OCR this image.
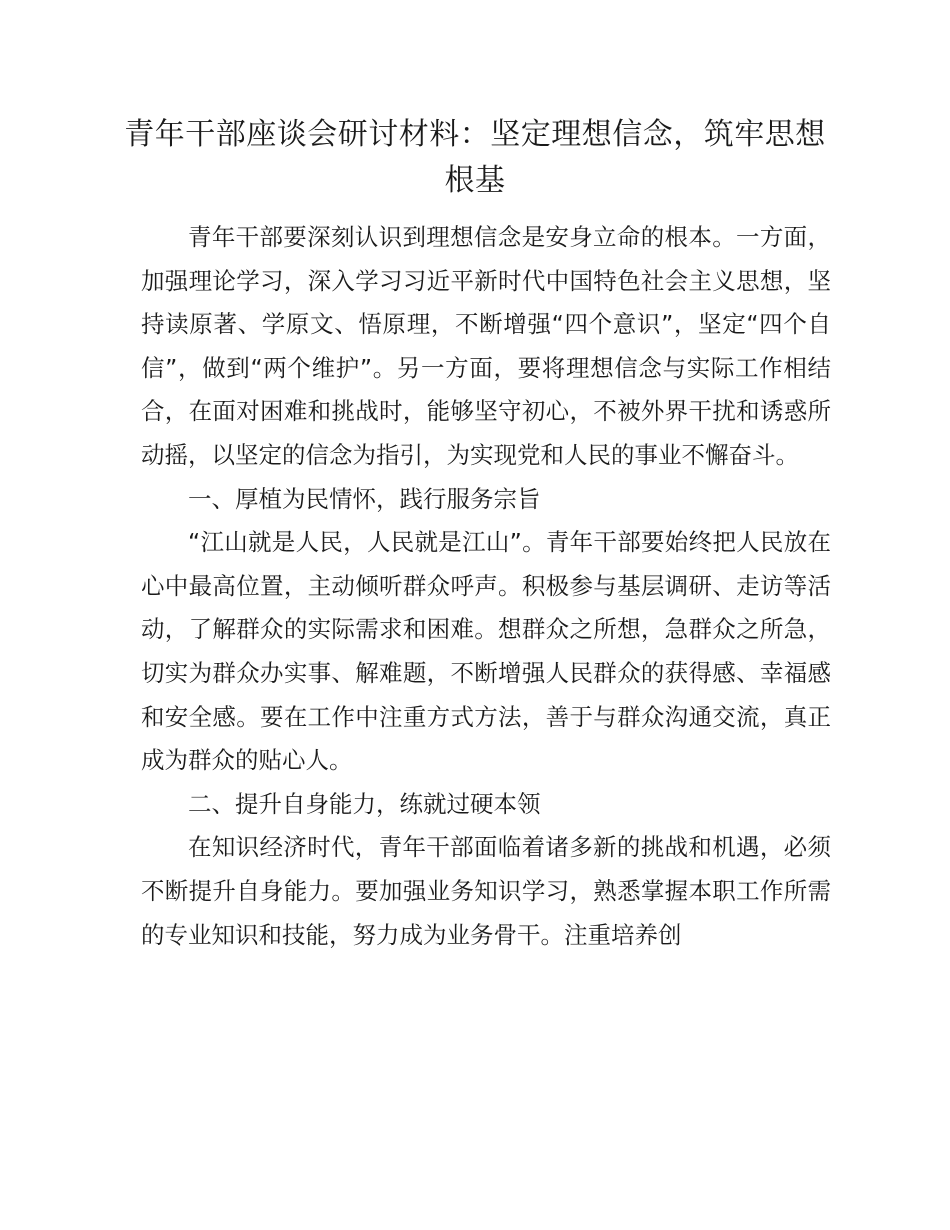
青年干部座谈会研讨材料：坚定理想信念，筑牢思想根基

青年干部要深刻认识到理想信念是安身立命的根本。一方面，加强理论学习，深入学习习近平新时代中国特色社会主义思想，坚持读原著、学原文、悟原理，不断增强“四个意识”，坚定“四个自信”，做到“两个维护”。另一方面，要将理想信念与实际工作相结合，在面对困难和挑战时，能够坚守初心，不被外界干扰和诱惑所动摇，以坚定的信念为指引，为实现党和人民的事业不懈奋斗。

一、厚植为民情怀，践行服务宗旨

“江山就是人民，人民就是江山”。青年干部要始终把人民放在心中最高位置，主动倾听群众呼声。积极参与基层调研、走访等活动，了解群众的实际需求和困难。想群众之所想，急群众之所急，切实为群众办实事、解难题，不断增强人民群众的获得感、幸福感和安全感。要在工作中注重方式方法，善于与群众沟通交流，真正成为群众的贴心人。

二、提升自身能力，练就过硬本领

在知识经济时代，青年干部面临着诸多新的挑战和机遇，必须不断提升自身能力。要加强业务知识学习，熟悉掌握本职工作所需的专业知识和技能，努力成为业务骨干。注重培养创
